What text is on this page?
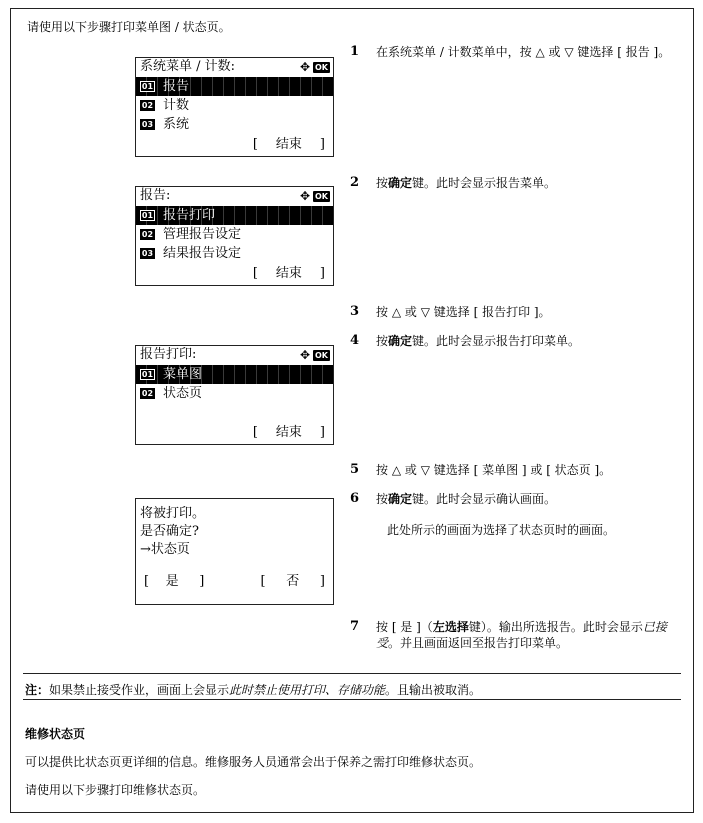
请使用以下步骤打印菜单图 / 状态页。
系统菜单 / 计数:	✥ OK
01 报告
02 计数
03 系统
[ 结束 ]
报告:	✥ OK
01 报告打印
02 管理报告设定
03 结果报告设定
[ 结束 ]
报告打印:	✥ OK
01 菜单图
02 状态页
[ 结束 ]
将被打印。
是否确定?
→状态页
[    是     ]	[     否     ]
1	在系统菜单 / 计数菜单中，按 △ 或 ▽ 键选择 [ 报告 ]。
2	按确定键。此时会显示报告菜单。
3	按 △ 或 ▽ 键选择 [ 报告打印 ]。
4	按确定键。此时会显示报告打印菜单。
5	按 △ 或 ▽ 键选择 [ 菜单图 ] 或 [ 状态页 ]。
6	按确定键。此时会显示确认画面。
此处所示的画面为选择了状态页时的画面。
7	按 [ 是 ]（左选择键）。输出所选报告。此时会显示已接受。并且画面返回至报告打印菜单。
注：如果禁止接受作业，画面上会显示此时禁止使用打印、存储功能。且输出被取消。
维修状态页
可以提供比状态页更详细的信息。维修服务人员通常会出于保养之需打印维修状态页。
请使用以下步骤打印维修状态页。
